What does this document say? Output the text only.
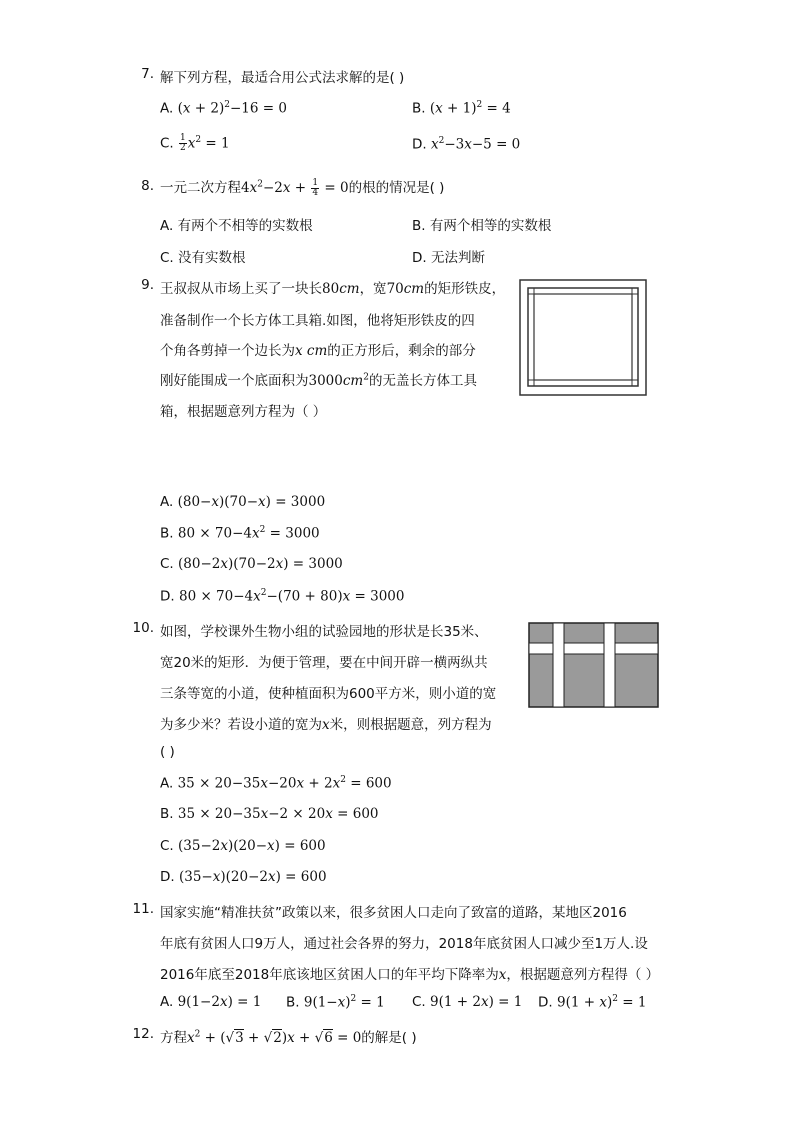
7. 解下列方程，最适合用公式法求解的是( )
A. $(x + 2)^2-16 = 0$	B. $(x + 1)^2 = 4$
C. $\frac{1}{2} x^2 = 1$	D. $x^2-3x-5 = 0$
8. 一元二次方程$4x^2-2x + \frac{1}{4} = 0$的根的情况是( )
A. 有两个不相等的实数根	B. 有两个相等的实数根
C. 没有实数根	D. 无法判断
9. 王叔叔从市场上买了一块长80cm，宽70cm的矩形铁皮，
准备制作一个长方体工具箱.如图，他将矩形铁皮的四
个角各剪掉一个边长为x cm的正方形后，剩余的部分
刚好能围成一个底面积为$3000cm^2$的无盖长方体工具
箱，根据题意列方程为（ ）
A. (80−x)(70−x) = 3000
B. $80 \times 70-4x^2 = 3000$
C. (80−2x)(70−2x) = 3000
D. $80 \times 70-4x^2-(70 + 80)x = 3000$
10. 如图，学校课外生物小组的试验园地的形状是长35米、
宽20米的矩形．为便于管理，要在中间开辟一横两纵共
三条等宽的小道，使种植面积为600平方米，则小道的宽
为多少米？若设小道的宽为x米，则根据题意，列方程为
( )
A. $35 \times 20-35x-20x + 2x^2 = 600$
B. 35 × 20−35x−2 × 20x = 600
C. (35−2x)(20−x) = 600
D. (35−x)(20−2x) = 600
11. 国家实施“精准扶贫”政策以来，很多贫困人口走向了致富的道路，某地区2016
年底有贫困人口9万人，通过社会各界的努力，2018年底贫困人口减少至1万人.设
2016年底至2018年底该地区贫困人口的年平均下降率为x，根据题意列方程得（ ）
A. 9(1−2x) = 1 B. $9(1-x)^2 = 1$ C. 9(1 + 2x) = 1 D. $9(1 + x)^2 = 1$
12. 方程$x^2 + (√3 + √2)x + √6 = 0$的解是( )
